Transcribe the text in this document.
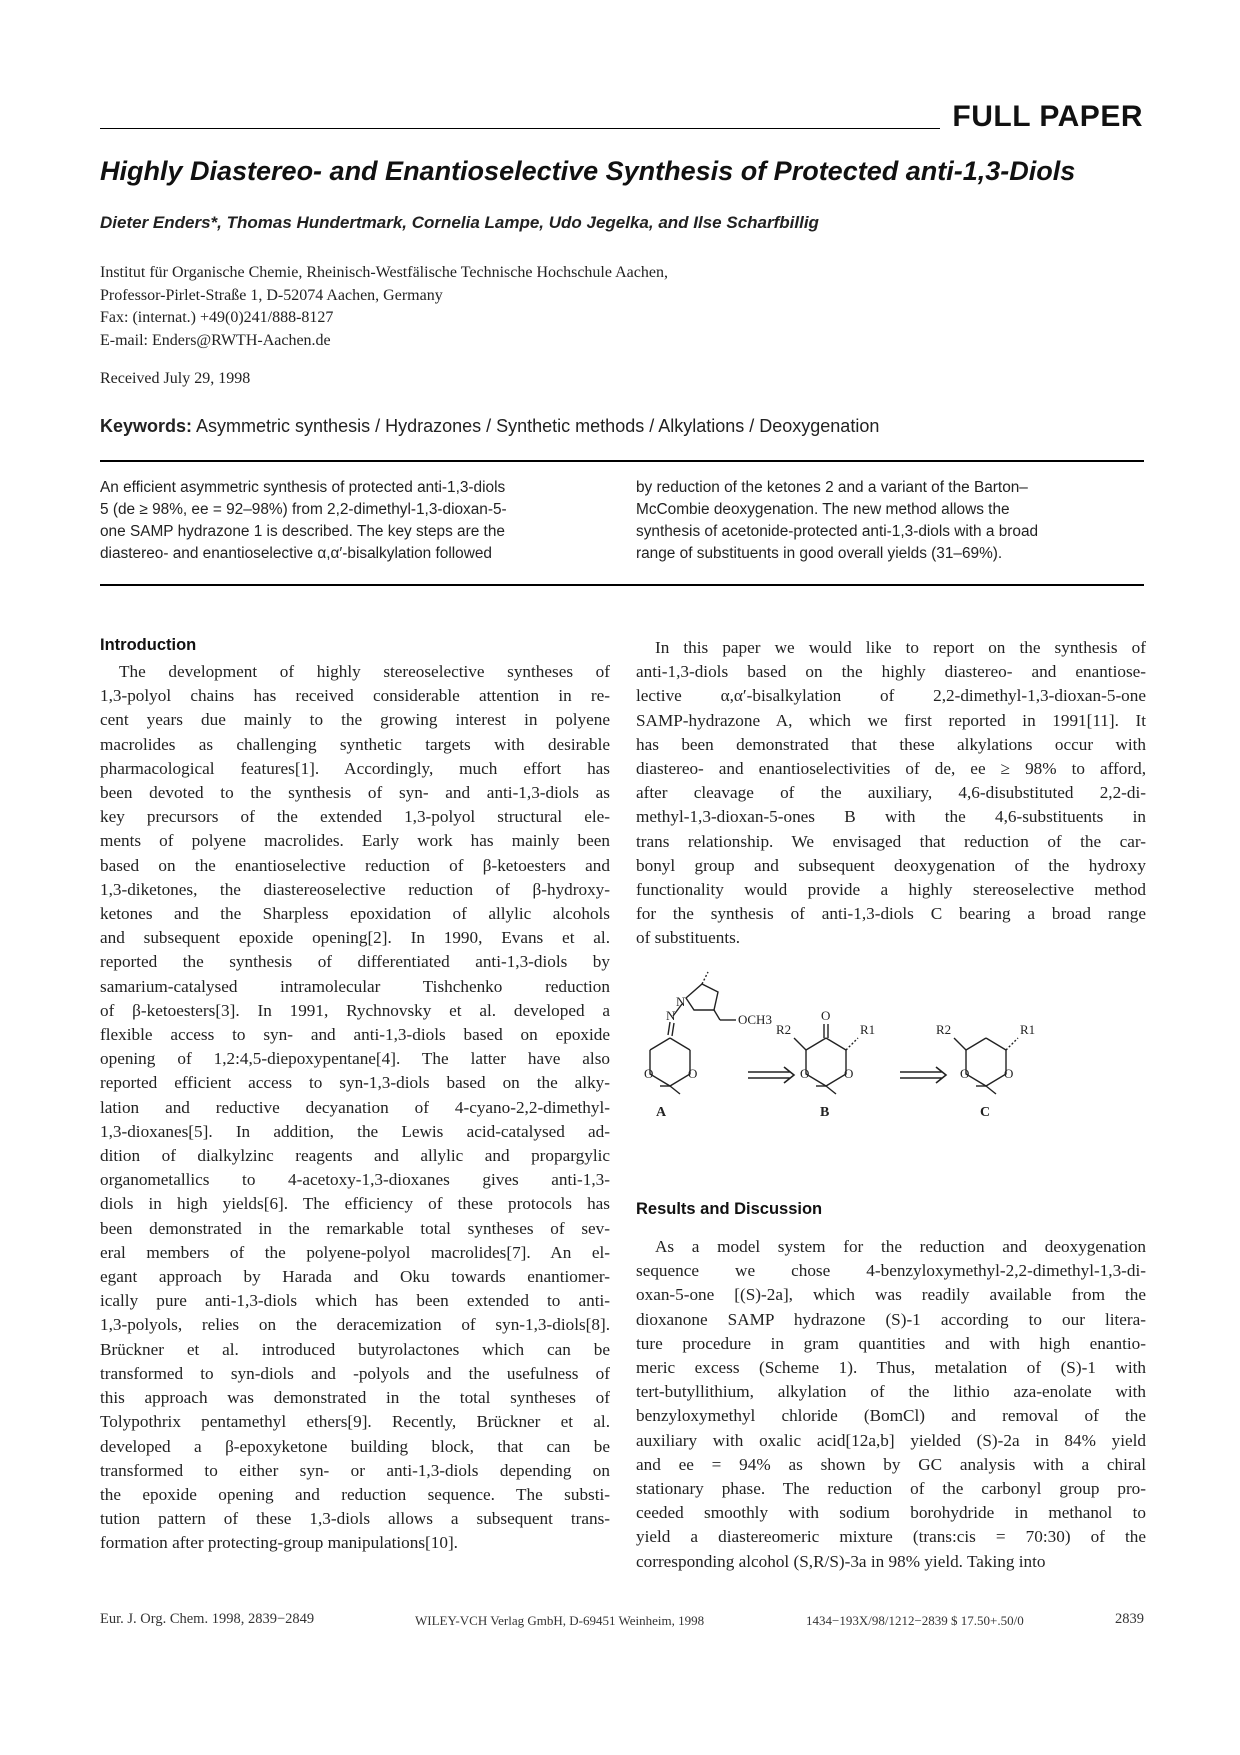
FULL PAPER
Highly Diastereo- and Enantioselective Synthesis of Protected anti-1,3-Diols
Dieter Enders*, Thomas Hundertmark, Cornelia Lampe, Udo Jegelka, and Ilse Scharfbillig
Institut für Organische Chemie, Rheinisch-Westfälische Technische Hochschule Aachen,
Professor-Pirlet-Straße 1, D-52074 Aachen, Germany
Fax: (internat.) +49(0)241/888-8127
E-mail: Enders@RWTH-Aachen.de
Received July 29, 1998
Keywords: Asymmetric synthesis / Hydrazones / Synthetic methods / Alkylations / Deoxygenation
An efficient asymmetric synthesis of protected anti-1,3-diols
5 (de ≥ 98%, ee = 92–98%) from 2,2-dimethyl-1,3-dioxan-5-
one SAMP hydrazone 1 is described. The key steps are the
diastereo- and enantioselective α,α′-bisalkylation followed
by reduction of the ketones 2 and a variant of the Barton–
McCombie deoxygenation. The new method allows the
synthesis of acetonide-protected anti-1,3-diols with a broad
range of substituents in good overall yields (31–69%).
Introduction
The development of highly stereoselective syntheses of
1,3-polyol chains has received considerable attention in re-
cent years due mainly to the growing interest in polyene
macrolides as challenging synthetic targets with desirable
pharmacological features[1]. Accordingly, much effort has
been devoted to the synthesis of syn- and anti-1,3-diols as
key precursors of the extended 1,3-polyol structural ele-
ments of polyene macrolides. Early work has mainly been
based on the enantioselective reduction of β-ketoesters and
1,3-diketones, the diastereoselective reduction of β-hydroxy-
ketones and the Sharpless epoxidation of allylic alcohols
and subsequent epoxide opening[2]. In 1990, Evans et al.
reported the synthesis of differentiated anti-1,3-diols by
samarium-catalysed intramolecular Tishchenko reduction
of β-ketoesters[3]. In 1991, Rychnovsky et al. developed a
flexible access to syn- and anti-1,3-diols based on epoxide
opening of 1,2:4,5-diepoxypentane[4]. The latter have also
reported efficient access to syn-1,3-diols based on the alky-
lation and reductive decyanation of 4-cyano-2,2-dimethyl-
1,3-dioxanes[5]. In addition, the Lewis acid-catalysed ad-
dition of dialkylzinc reagents and allylic and propargylic
organometallics to 4-acetoxy-1,3-dioxanes gives anti-1,3-
diols in high yields[6]. The efficiency of these protocols has
been demonstrated in the remarkable total syntheses of sev-
eral members of the polyene-polyol macrolides[7]. An el-
egant approach by Harada and Oku towards enantiomer-
ically pure anti-1,3-diols which has been extended to anti-
1,3-polyols, relies on the deracemization of syn-1,3-diols[8].
Brückner et al. introduced butyrolactones which can be
transformed to syn-diols and -polyols and the usefulness of
this approach was demonstrated in the total syntheses of
Tolypothrix pentamethyl ethers[9]. Recently, Brückner et al.
developed a β-epoxyketone building block, that can be
transformed to either syn- or anti-1,3-diols depending on
the epoxide opening and reduction sequence. The substi-
tution pattern of these 1,3-diols allows a subsequent trans-
formation after protecting-group manipulations[10].
In this paper we would like to report on the synthesis of
anti-1,3-diols based on the highly diastereo- and enantiose-
lective α,α′-bisalkylation of 2,2-dimethyl-1,3-dioxan-5-one
SAMP-hydrazone A, which we first reported in 1991[11]. It
has been demonstrated that these alkylations occur with
diastereo- and enantioselectivities of de, ee ≥ 98% to afford,
after cleavage of the auxiliary, 4,6-disubstituted 2,2-di-
methyl-1,3-dioxan-5-ones B with the 4,6-substituents in
trans relationship. We envisaged that reduction of the car-
bonyl group and subsequent deoxygenation of the hydroxy
functionality would provide a highly stereoselective method
for the synthesis of anti-1,3-diols C bearing a broad range
of substituents.
N
N
OCH3
O	O
O
O	O
R2	R1
O	O
R2	R1
A	B	C
Results and Discussion
As a model system for the reduction and deoxygenation
sequence we chose 4-benzyloxymethyl-2,2-dimethyl-1,3-di-
oxan-5-one [(S)-2a], which was readily available from the
dioxanone SAMP hydrazone (S)-1 according to our litera-
ture procedure in gram quantities and with high enantio-
meric excess (Scheme 1). Thus, metalation of (S)-1 with
tert-butyllithium, alkylation of the lithio aza-enolate with
benzyloxymethyl chloride (BomCl) and removal of the
auxiliary with oxalic acid[12a,b] yielded (S)-2a in 84% yield
and ee = 94% as shown by GC analysis with a chiral
stationary phase. The reduction of the carbonyl group pro-
ceeded smoothly with sodium borohydride in methanol to
yield a diastereomeric mixture (trans:cis = 70:30) of the
corresponding alcohol (S,R/S)-3a in 98% yield. Taking into
Eur. J. Org. Chem. 1998, 2839−2849	WILEY-VCH Verlag GmbH, D-69451 Weinheim, 1998	1434−193X/98/1212−2839 $ 17.50+.50/0	2839
